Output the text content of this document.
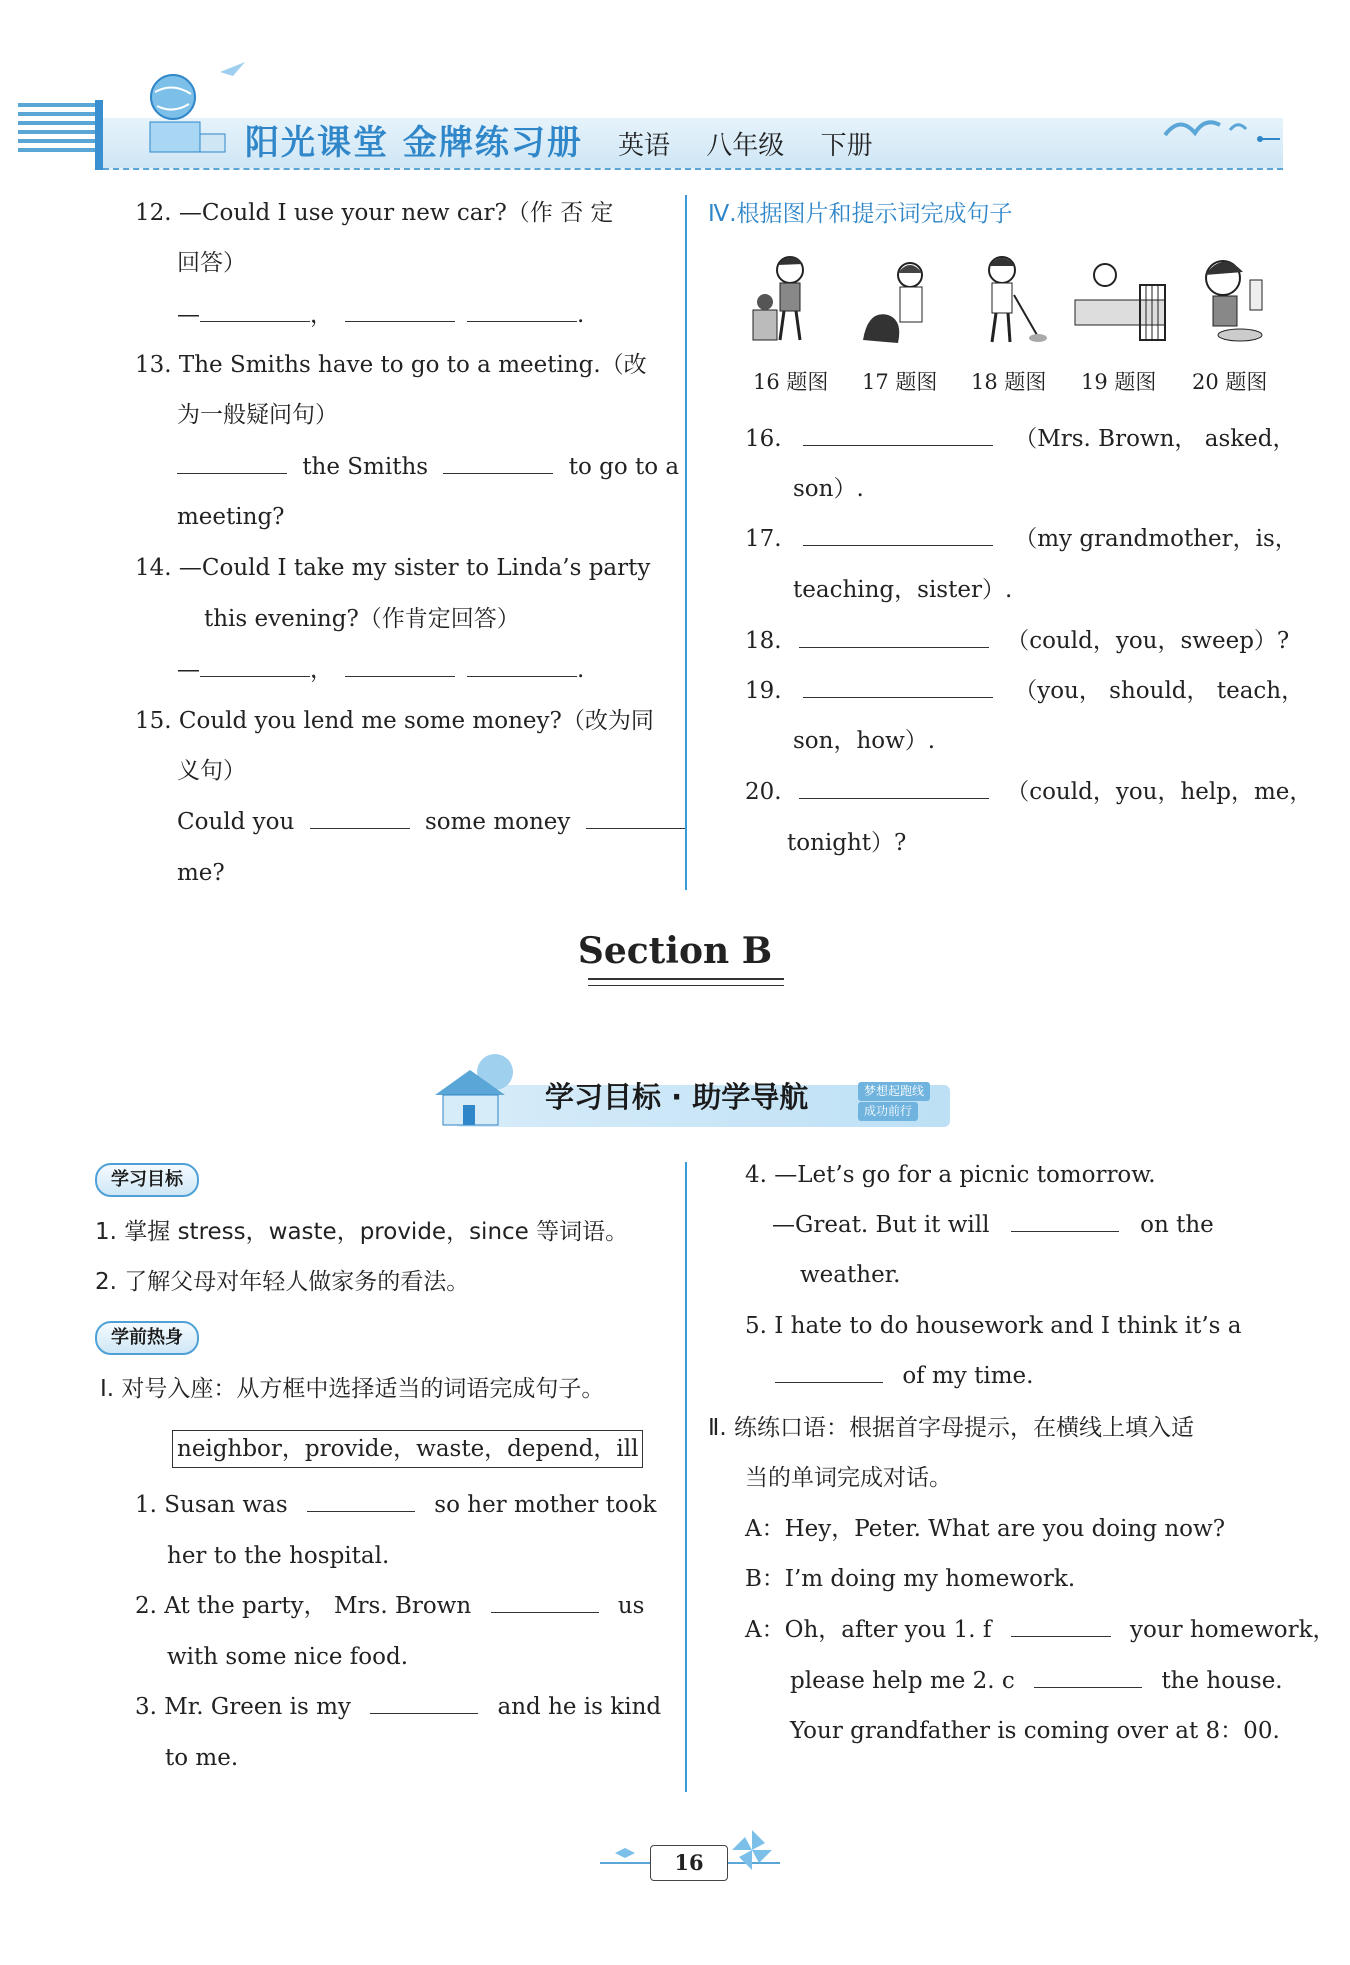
阳光课堂 金牌练习册 英语 八年级 下册
12. —Could I use your new car?（作 否 定
回答）
—	，	.
13. The Smiths have to go to a meeting.（改
为一般疑问句）
the Smiths	to go to a
meeting?
14. —Could I take my sister to Linda’s party
this evening?（作肯定回答）
—	，	.
15. Could you lend me some money?（改为同
义句）
Could you	some money
me?
Ⅳ.根据图片和提示词完成句子
16 题图 17 题图 18 题图 19 题图 20 题图
16.	（Mrs. Brown， asked，
son）.
17.	（my grandmother，is，
teaching，sister）.
18.	（could，you，sweep）?
19.	（you， should， teach，
son，how）.
20.	（could，you，help，me，
tonight）?
Section B
学习目标 · 助学导航	梦想起跑线
成功前行
学习目标
1. 掌握 stress，waste，provide，since 等词语。
2. 了解父母对年轻人做家务的看法。
学前热身
Ⅰ. 对号入座：从方框中选择适当的词语完成句子。
neighbor，provide，waste，depend，ill
1. Susan was	so her mother took
her to the hospital.
2. At the party， Mrs. Brown	us
with some nice food.
3. Mr. Green is my	and he is kind
to me.
4. —Let’s go for a picnic tomorrow.
—Great. But it will	on the
weather.
5. I hate to do housework and I think it’s a
of my time.
Ⅱ. 练练口语：根据首字母提示，在横线上填入适
当的单词完成对话。
A：Hey，Peter. What are you doing now?
B：I’m doing my homework.
A：Oh，after you 1. f	your homework，
please help me 2. c	the house.
Your grandfather is coming over at 8：00.
16
